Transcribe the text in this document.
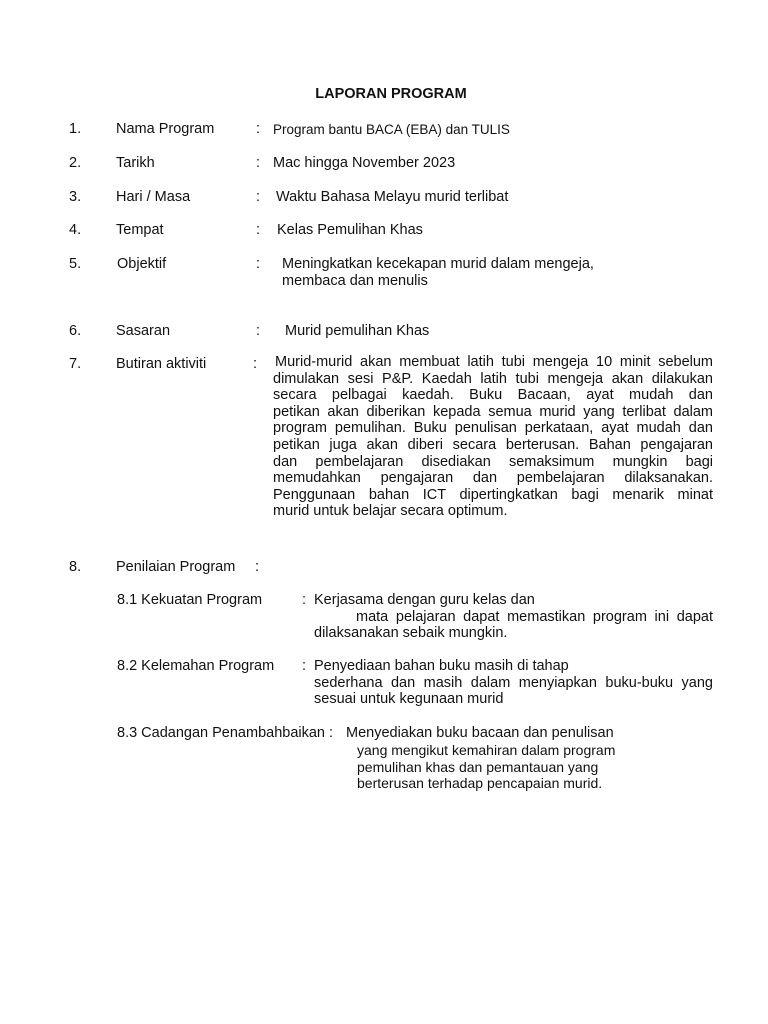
LAPORAN PROGRAM
1. Nama Program	: Program bantu BACA (EBA) dan TULIS
2. Tarikh	: Mac hingga November 2023
3. Hari / Masa	: Waktu Bahasa Melayu murid terlibat
4. Tempat	: Kelas Pemulihan Khas
5. Objektif	: Meningkatkan kecekapan murid dalam mengeja,
membaca dan menulis
6. Sasaran	: Murid pemulihan Khas
7. Butiran aktiviti	: Murid-murid akan membuat latih tubi mengeja 10 minit sebelum
dimulakan sesi P&P. Kaedah latih tubi mengeja akan dilakukan
secara pelbagai kaedah. Buku Bacaan, ayat mudah dan
petikan akan diberikan kepada semua murid yang terlibat dalam
program pemulihan. Buku penulisan perkataan, ayat mudah dan
petikan juga akan diberi secara berterusan. Bahan pengajaran
dan pembelajaran disediakan semaksimum mungkin bagi
memudahkan pengajaran dan pembelajaran dilaksanakan.
Penggunaan bahan ICT dipertingkatkan bagi menarik minat
murid untuk belajar secara optimum.
8. Penilaian Program :
8.1 Kekuatan Program	: Kerjasama dengan guru kelas dan
mata pelajaran dapat memastikan program ini dapat
dilaksanakan sebaik mungkin.
8.2 Kelemahan Program : Penyediaan bahan buku masih di tahap
sederhana dan masih dalam menyiapkan buku-buku yang
sesuai untuk kegunaan murid
8.3 Cadangan Penambahbaikan : Menyediakan buku bacaan dan penulisan
yang mengikut kemahiran dalam program
pemulihan khas dan pemantauan yang
berterusan terhadap pencapaian murid.
